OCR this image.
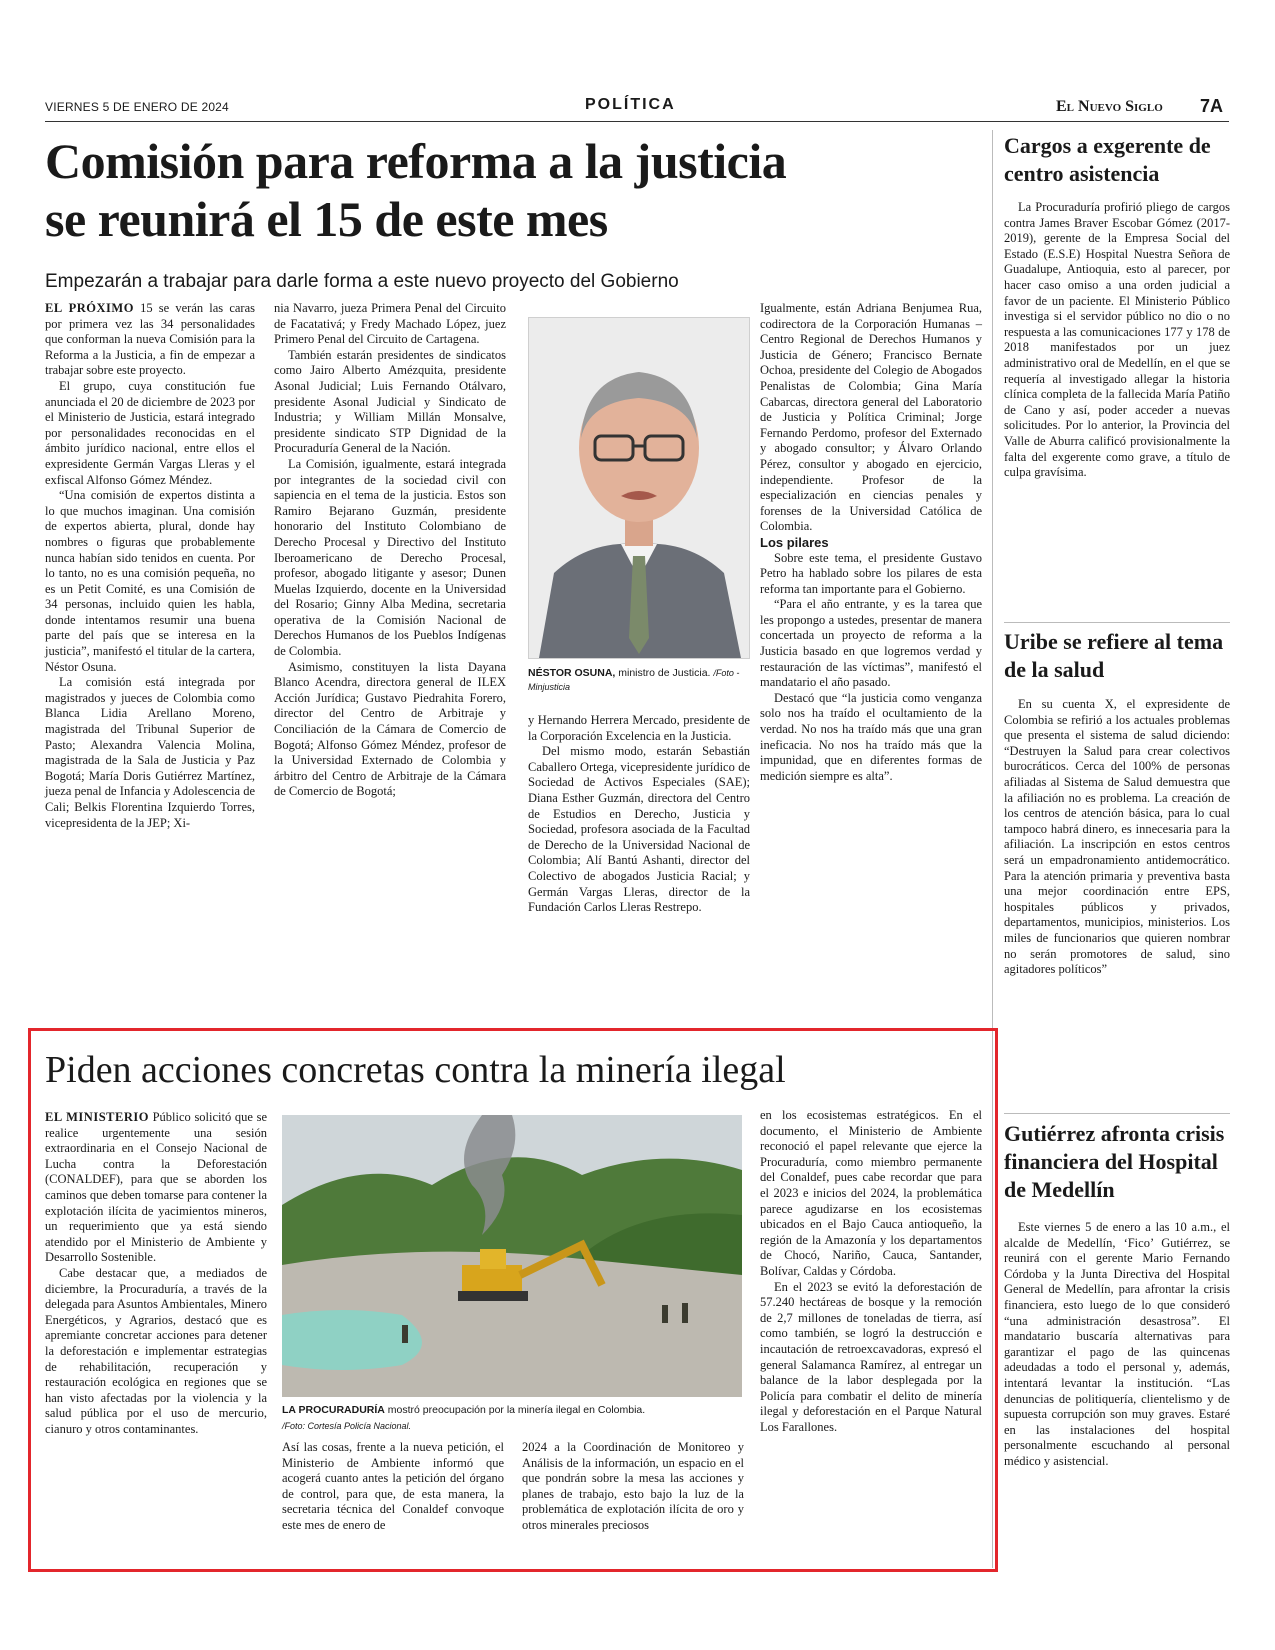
VIERNES 5 DE ENERO DE 2024	POLÍTICA	El Nuevo Siglo 7A
Comisión para reforma a la justicia
se reunirá el 15 de este mes
Empezarán a trabajar para darle forma a este nuevo proyecto del Gobierno

EL PRÓXIMO 15 se verán las caras por primera vez las 34 personalidades que conforman la nueva Comisión para la Reforma a la Justicia, a fin de empezar a trabajar sobre este proyecto.

El grupo, cuya constitución fue anunciada el 20 de diciembre de 2023 por el Ministerio de Justicia, estará integrado por personalidades reconocidas en el ámbito jurídico nacional, entre ellos el expresidente Germán Vargas Lleras y el exfiscal Alfonso Gómez Méndez.

“Una comisión de expertos distinta a lo que muchos imaginan. Una comisión de expertos abierta, plural, donde hay nombres o figuras que probablemente nunca habían sido tenidos en cuenta. Por lo tanto, no es una comisión pequeña, no es un Petit Comité, es una Comisión de 34 personas, incluido quien les habla, donde intentamos resumir una buena parte del país que se interesa en la justicia”, manifestó el titular de la cartera, Néstor Osuna.

La comisión está integrada por magistrados y jueces de Colombia como Blanca Lidia Arellano Moreno, magistrada del Tribunal Superior de Pasto; Alexandra Valencia Molina, magistrada de la Sala de Justicia y Paz Bogotá; María Doris Gutiérrez Martínez, jueza penal de Infancia y Adolescencia de Cali; Belkis Florentina Izquierdo Torres, vicepresidenta de la JEP; Xi-

nia Navarro, jueza Primera Penal del Circuito de Facatativá; y Fredy Machado López, juez Primero Penal del Circuito de Cartagena.

También estarán presidentes de sindicatos como Jairo Alberto Amézquita, presidente Asonal Judicial; Luis Fernando Otálvaro, presidente Asonal Judicial y Sindicato de Industria; y William Millán Monsalve, presidente sindicato STP Dignidad de la Procuraduría General de la Nación.

La Comisión, igualmente, estará integrada por integrantes de la sociedad civil con sapiencia en el tema de la justicia. Estos son Ramiro Bejarano Guzmán, presidente honorario del Instituto Colombiano de Derecho Procesal y Directivo del Instituto Iberoamericano de Derecho Procesal, profesor, abogado litigante y asesor; Dunen Muelas Izquierdo, docente en la Universidad del Rosario; Ginny Alba Medina, secretaria operativa de la Comisión Nacional de Derechos Humanos de los Pueblos Indígenas de Colombia.

Asimismo, constituyen la lista Dayana Blanco Acendra, directora general de ILEX Acción Jurídica; Gustavo Piedrahita Forero, director del Centro de Arbitraje y Conciliación de la Cámara de Comercio de Bogotá; Alfonso Gómez Méndez, profesor de la Universidad Externado de Colombia y árbitro del Centro de Arbitraje de la Cámara de Comercio de Bogotá;

NÉSTOR OSUNA, ministro de Justicia. /Foto - Minjusticia

y Hernando Herrera Mercado, presidente de la Corporación Excelencia en la Justicia.

Del mismo modo, estarán Sebastián Caballero Ortega, vicepresidente jurídico de Sociedad de Activos Especiales (SAE); Diana Esther Guzmán, directora del Centro de Estudios en Derecho, Justicia y Sociedad, profesora asociada de la Facultad de Derecho de la Universidad Nacional de Colombia; Alí Bantú Ashanti, director del Colectivo de abogados Justicia Racial; y Germán Vargas Lleras, director de la Fundación Carlos Lleras Restrepo.

Igualmente, están Adriana Benjumea Rua, codirectora de la Corporación Humanas – Centro Regional de Derechos Humanos y Justicia de Género; Francisco Bernate Ochoa, presidente del Colegio de Abogados Penalistas de Colombia; Gina María Cabarcas, directora general del Laboratorio de Justicia y Política Criminal; Jorge Fernando Perdomo, profesor del Externado y abogado consultor; y Álvaro Orlando Pérez, consultor y abogado en ejercicio, independiente. Profesor de la especialización en ciencias penales y forenses de la Universidad Católica de Colombia.

Los pilares

Sobre este tema, el presidente Gustavo Petro ha hablado sobre los pilares de esta reforma tan importante para el Gobierno.

“Para el año entrante, y es la tarea que les propongo a ustedes, presentar de manera concertada un proyecto de reforma a la Justicia basado en que logremos verdad y restauración de las víctimas”, manifestó el mandatario el año pasado.

Destacó que “la justicia como venganza solo nos ha traído el ocultamiento de la verdad. No nos ha traído más que una gran ineficacia. No nos ha traído más que la impunidad, que en diferentes formas de medición siempre es alta”.

Piden acciones concretas contra la minería ilegal

EL MINISTERIO Público solicitó que se realice urgentemente una sesión extraordinaria en el Consejo Nacional de Lucha contra la Deforestación (CONALDEF), para que se aborden los caminos que deben tomarse para contener la explotación ilícita de yacimientos mineros, un requerimiento que ya está siendo atendido por el Ministerio de Ambiente y Desarrollo Sostenible.

Cabe destacar que, a mediados de diciembre, la Procuraduría, a través de la delegada para Asuntos Ambientales, Minero Energéticos, y Agrarios, destacó que es apremiante concretar acciones para detener la deforestación e implementar estrategias de rehabilitación, recuperación y restauración ecológica en regiones que se han visto afectadas por la violencia y la salud pública por el uso de mercurio, cianuro y otros contaminantes.

LA PROCURADURÍA mostró preocupación por la minería ilegal en Colombia.
/Foto: Cortesía Policía Nacional.

Así las cosas, frente a la nueva petición, el Ministerio de Ambiente informó que acogerá cuanto antes la petición del órgano de control, para que, de esta manera, la secretaria técnica del Conaldef convoque este mes de enero de

2024 a la Coordinación de Monitoreo y Análisis de la información, un espacio en el que pondrán sobre la mesa las acciones y planes de trabajo, esto bajo la luz de la problemática de explotación ilícita de oro y otros minerales preciosos

en los ecosistemas estratégicos. En el documento, el Ministerio de Ambiente reconoció el papel relevante que ejerce la Procuraduría, como miembro permanente del Conaldef, pues cabe recordar que para el 2023 e inicios del 2024, la problemática parece agudizarse en los ecosistemas ubicados en el Bajo Cauca antioqueño, la región de la Amazonía y los departamentos de Chocó, Nariño, Cauca, Santander, Bolívar, Caldas y Córdoba.

En el 2023 se evitó la deforestación de 57.240 hectáreas de bosque y la remoción de 2,7 millones de toneladas de tierra, así como también, se logró la destrucción e incautación de retroexcavadoras, expresó el general Salamanca Ramírez, al entregar un balance de la labor desplegada por la Policía para combatir el delito de minería ilegal y deforestación en el Parque Natural Los Farallones.

Cargos a exgerente de centro asistencia

La Procuraduría profirió pliego de cargos contra James Braver Escobar Gómez (2017-2019), gerente de la Empresa Social del Estado (E.S.E) Hospital Nuestra Señora de Guadalupe, Antioquia, esto al parecer, por hacer caso omiso a una orden judicial a favor de un paciente. El Ministerio Público investiga si el servidor público no dio o no respuesta a las comunicaciones 177 y 178 de 2018 manifestados por un juez administrativo oral de Medellín, en el que se requería al investigado allegar la historia clínica completa de la fallecida María Patiño de Cano y así, poder acceder a nuevas solicitudes. Por lo anterior, la Provincia del Valle de Aburra calificó provisionalmente la falta del exgerente como grave, a título de culpa gravísima.

Uribe se refiere al tema de la salud

En su cuenta X, el expresidente de Colombia se refirió a los actuales problemas que presenta el sistema de salud diciendo: “Destruyen la Salud para crear colectivos burocráticos. Cerca del 100% de personas afiliadas al Sistema de Salud demuestra que la afiliación no es problema. La creación de los centros de atención básica, para lo cual tampoco habrá dinero, es innecesaria para la afiliación. La inscripción en estos centros será un empadronamiento antidemocrático. Para la atención primaria y preventiva basta una mejor coordinación entre EPS, hospitales públicos y privados, departamentos, municipios, ministerios. Los miles de funcionarios que quieren nombrar no serán promotores de salud, sino agitadores políticos”

Gutiérrez afronta crisis financiera del Hospital de Medellín

Este viernes 5 de enero a las 10 a.m., el alcalde de Medellín, ‘Fico’ Gutiérrez, se reunirá con el gerente Mario Fernando Córdoba y la Junta Directiva del Hospital General de Medellín, para afrontar la crisis financiera, esto luego de lo que consideró “una administración desastrosa”. El mandatario buscaría alternativas para garantizar el pago de las quincenas adeudadas a todo el personal y, además, intentará levantar la institución. “Las denuncias de politiquería, clientelismo y de supuesta corrupción son muy graves. Estaré en las instalaciones del hospital personalmente escuchando al personal médico y asistencial.
